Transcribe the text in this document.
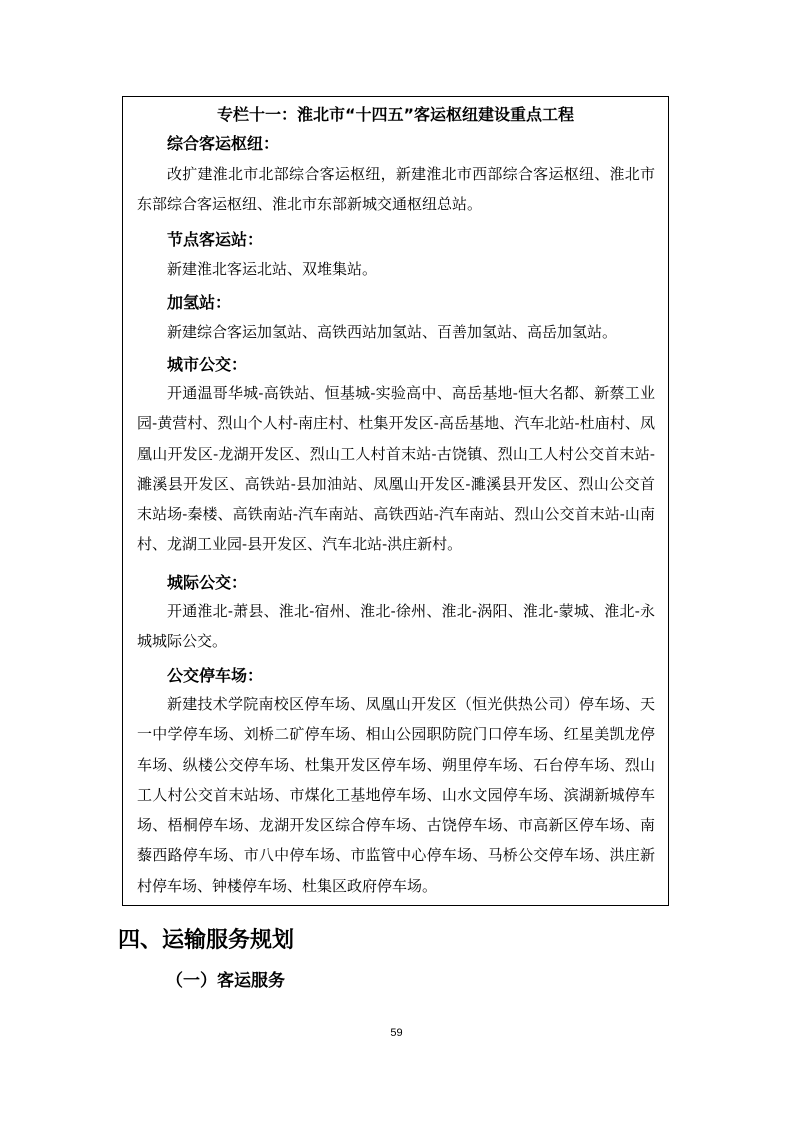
专栏十一：淮北市“十四五”客运枢纽建设重点工程
综合客运枢纽：

改扩建淮北市北部综合客运枢纽，新建淮北市西部综合客运枢纽、淮北市东部综合客运枢纽、淮北市东部新城交通枢纽总站。

节点客运站：

新建淮北客运北站、双堆集站。

加氢站：

新建综合客运加氢站、高铁西站加氢站、百善加氢站、高岳加氢站。

城市公交：

开通温哥华城-高铁站、恒基城-实验高中、高岳基地-恒大名都、新蔡工业园-黄营村、烈山个人村-南庄村、杜集开发区-高岳基地、汽车北站-杜庙村、凤凰山开发区-龙湖开发区、烈山工人村首末站-古饶镇、烈山工人村公交首末站-濉溪县开发区、高铁站-县加油站、凤凰山开发区-濉溪县开发区、烈山公交首末站场-秦楼、高铁南站-汽车南站、高铁西站-汽车南站、烈山公交首末站-山南村、龙湖工业园-县开发区、汽车北站-洪庄新村。

城际公交：

开通淮北-萧县、淮北-宿州、淮北-徐州、淮北-涡阳、淮北-蒙城、淮北-永城城际公交。

公交停车场：

新建技术学院南校区停车场、凤凰山开发区（恒光供热公司）停车场、天一中学停车场、刘桥二矿停车场、相山公园职防院门口停车场、红星美凯龙停车场、纵楼公交停车场、杜集开发区停车场、朔里停车场、石台停车场、烈山工人村公交首末站场、市煤化工基地停车场、山水文园停车场、滨湖新城停车场、梧桐停车场、龙湖开发区综合停车场、古饶停车场、市高新区停车场、南藜西路停车场、市八中停车场、市监管中心停车场、马桥公交停车场、洪庄新村停车场、钟楼停车场、杜集区政府停车场。

四、运输服务规划
（一）客运服务
59
